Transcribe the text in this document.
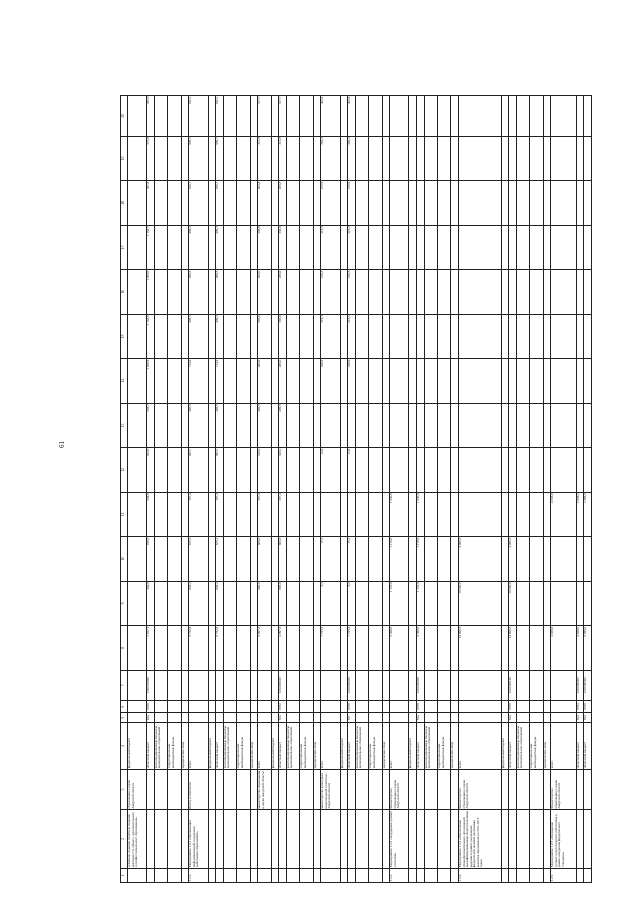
61
1	2	3	4	5	6	7	8	9	10	11	12	13	14	15	16	17	18	19	20
	«Помощь изданию печатных изданий, деятельность общего, дополнительного и профессионального образования»	образования и науки Амурской области	федеральный бюджет																
			областной бюджет	814	0709	1220310090	7 817,1	294,9	238,5	248,0	542,0	528,7	1 209,8	1 163,9	1 053,0	1 162,7	297,8	272,8	285,5
			консолидированные бюджеты муниципальных образований																
			территориальные внебюджетные фонды																
			юридические лица																
1.2.2.	Мероприятие 1.2.2 «Организация информационной поддержки работников образования»	Всего, в том числе:	всего				6 752,8	808,2	815,1	197,4	382,7	496,5	714,9	499,3	499,3	499,3	180,7	996,1	810,1
			федеральный бюджет																
			областной бюджет				6 752,8	808,2	815,1	197,4	382,7	496,5	714,9	499,3	499,3	499,3	180,7	996,1	810,1
			консолидированные бюджеты муниципальных образований																
			территориальные внебюджетные фонды																
			юридические лица																
		министерство образования и науки Амурской области	всего				4 997,3	800,0	800,0	307,4	320,0	496,5	486,0	283,0	283,0	283,0	203,8	313,9	317,7
			федеральный бюджет																
			областной бюджет	814	0782	1210290010	4 997,3	800,0	800,0	307,4	320,0	496,5	486,0	283,0	283,0	283,0	203,8	313,9	317,7
			консолидированные бюджеты муниципальных образований																
			территориальные внебюджетные фонды																
			юридические лица																
		министерство культуры и национальной политики Амурской области	всего				1 755,6	8,2	15,1		12,8		228,9	216,3	216,3	216,3	276,9	282,2	492,4
			федеральный бюджет																
			областной бюджет	817	0709	1210290030	1 755,6	8,2	15,1		12,8		228,9	216,3	216,3	216,3	276,9	282,2	492,4
			консолидированные бюджеты муниципальных образований																
			территориальные внебюджетные фонды																
			юридические лица																
1.2.3.	Мероприятие 1.2.3 «Поддержка лучших учителей»	Министерство образования и науки Амурской области	всего				3 390,0	1 170,0	1 170,0	1 050,0									
			федеральный бюджет																
			областной бюджет	814	0709	1210390020	3 390,0	1 170,0	1 170,0	1 050,0									
			консолидированные бюджеты муниципальных образований																
			территориальные внебюджетные фонды																
			юридические лица																
1.2.4.	Мероприятие 1.2.4 «Обеспечение общеобразовательных организаций квалифицированными педагогическими кадрами в рамках реализации федеральной целевой программы развития образования на 2011-2015 годы»	Министерство образования и науки Амурской области	всего				14 896,3	10 000,0	4 896,3										
			федеральный бюджет																
			областной бюджет	814	0709	1210390140	14 896,3	10 000,0	4 896,3										
			консолидированные бюджеты муниципальных образований																
			территориальные внебюджетные фонды																
			юридические лица																
1.2.5.	Мероприятие 1.2.5 «Поощрение лучших педагогических работников в рамках внедрения федерального стандарта»	Министерство образования и науки Амурской области	всего				4 838,0			4 838,0									
			областной бюджет	814	0702	1210390462	4 838,0			4 838,0									
			областной бюджет	814	0709	1210390462	2 588,0			2 588,0									
